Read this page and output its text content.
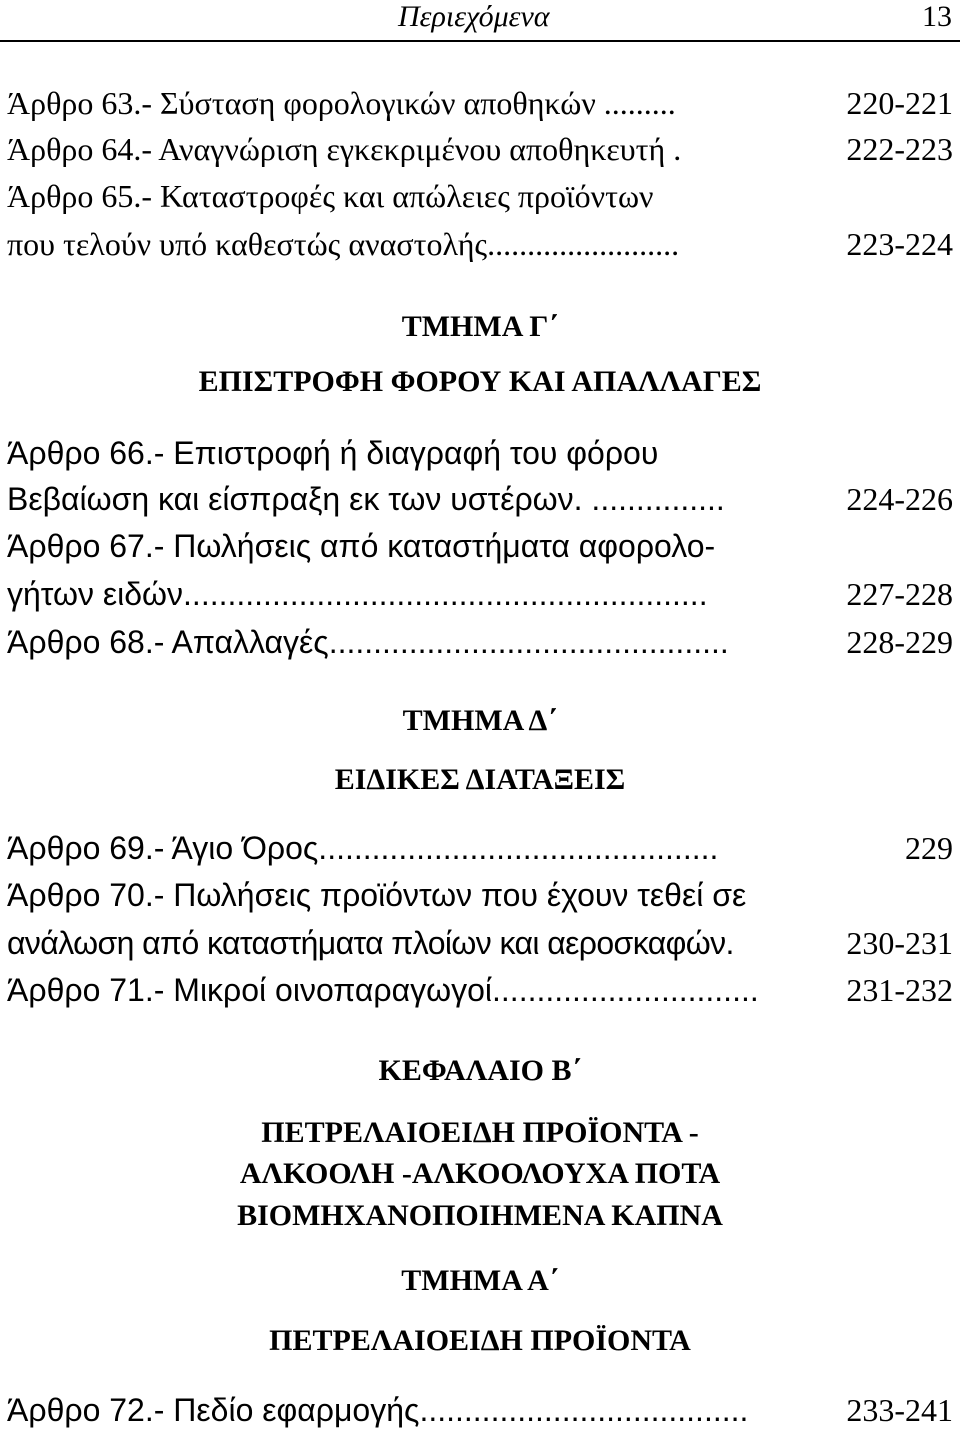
Περιεχόμενα	13
Άρθρο 63.- Σύσταση φορολογικών αποθηκών .........	220-221
Άρθρο 64.- Αναγνώριση εγκεκριμένου αποθηκευτή .	222-223
Άρθρο 65.- Καταστροφές και απώλειες προϊόντων
που τελούν υπό καθεστώς αναστολής........................	223-224
ΤΜΗΜΑ Γ΄
ΕΠΙΣΤΡΟΦΗ ΦΟΡΟΥ ΚΑΙ ΑΠΑΛΛΑΓΕΣ
Άρθρο 66.- Επιστροφή ή διαγραφή του φόρου
Βεβαίωση και είσπραξη εκ των υστέρων. ...............	224-226
Άρθρο 67.- Πωλήσεις από καταστήματα αφορολο-
γήτων ειδών...........................................................	227-228
Άρθρο 68.- Απαλλαγές.............................................	228-229
ΤΜΗΜΑ Δ΄
ΕΙΔΙΚΕΣ ΔΙΑΤΑΞΕΙΣ
Άρθρο 69.- Άγιο Όρος.............................................	229
Άρθρο 70.- Πωλήσεις προϊόντων που έχουν τεθεί σε
ανάλωση από καταστήματα πλοίων και αεροσκαφών.	230-231
Άρθρο 71.- Μικροί οινοπαραγωγοί..............................	231-232
ΚΕΦΑΛΑΙΟ Β΄
ΠΕΤΡΕΛΑΙΟΕΙΔΗ ΠΡΟΪΟΝΤΑ -
ΑΛΚΟΟΛΗ -ΑΛΚΟΟΛΟΥΧΑ ΠΟΤΑ
ΒΙΟΜΗΧΑΝΟΠΟΙΗΜΕΝΑ ΚΑΠΝΑ
ΤΜΗΜΑ Α΄
ΠΕΤΡΕΛΑΙΟΕΙΔΗ ΠΡΟΪΟΝΤΑ
Άρθρο 72.- Πεδίο εφαρμογής.....................................	233-241
